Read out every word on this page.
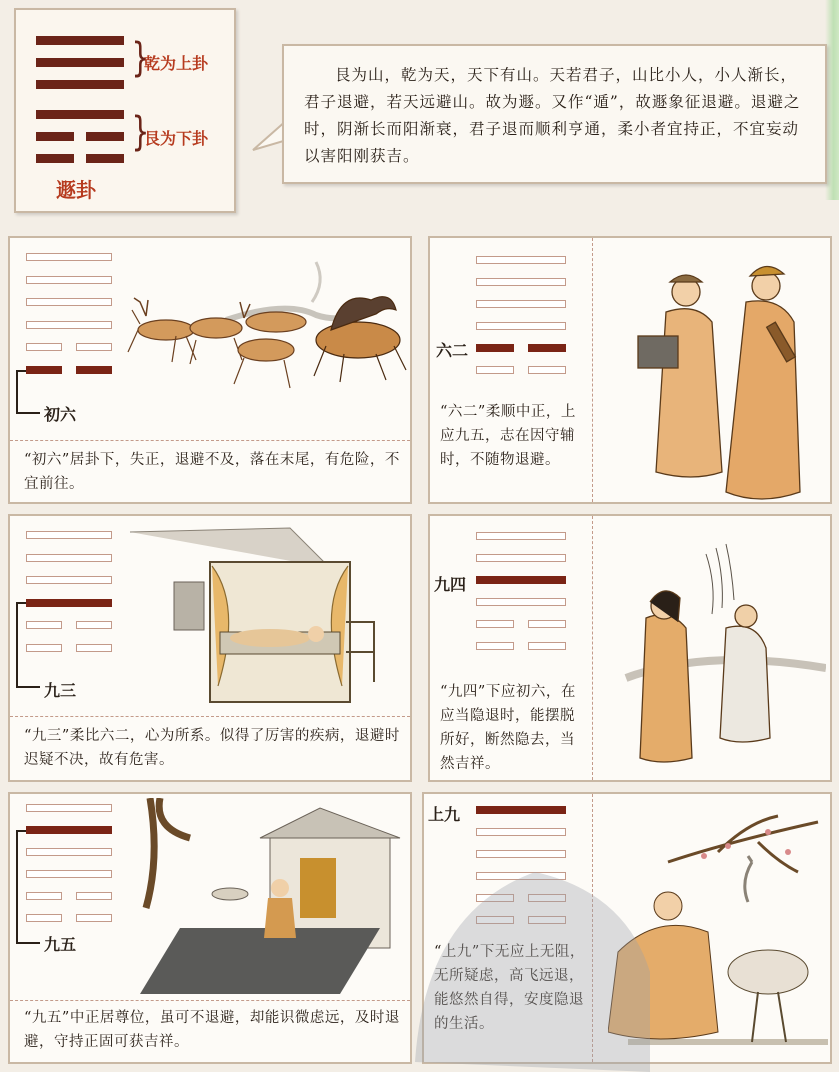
}
}
乾为上卦
艮为下卦
遯卦
艮为山，乾为天，天下有山。天若君子，山比小人，小人渐长，君子退避，若天远避山。故为遯。又作“遁”，故遯象征退避。退避之时，阴渐长而阳渐衰，君子退而顺利亨通，柔小者宜持正，不宜妄动以害阳刚获吉。
初六
“初六”居卦下，失正，退避不及，落在末尾，有危险，不宜前往。
六二
“六二”柔顺中正，上应九五，志在因守辅时，不随物退避。
九三
“九三”柔比六二，心为所系。似得了厉害的疾病，退避时迟疑不决，故有危害。
九四
“九四”下应初六，在应当隐退时，能摆脱所好，断然隐去，当然吉祥。
九五
“九五”中正居尊位，虽可不退避，却能识微虑远，及时退避，守持正固可获吉祥。
上九
“上九”下无应上无阻，无所疑虑，高飞远退，能悠然自得，安度隐退的生活。
